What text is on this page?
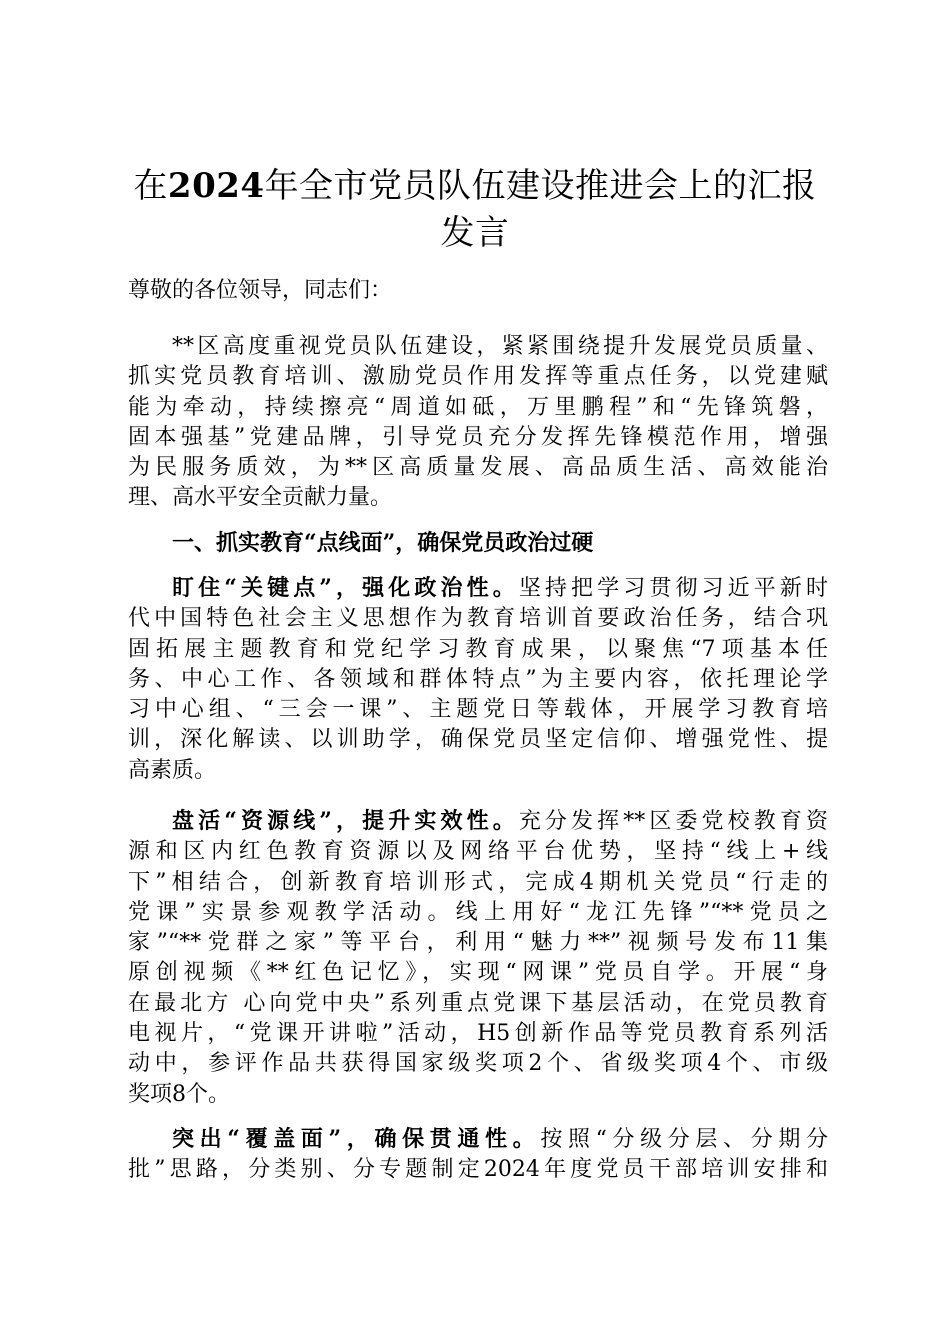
在2024年全市党员队伍建设推进会上的汇报
发言
尊敬的各位领导，同志们：
**区高度重视党员队伍建设，紧紧围绕提升发展党员质量、
抓实党员教育培训、激励党员作用发挥等重点任务，以党建赋
能为牵动，持续擦亮“周道如砥，万里鹏程”和“先锋筑磐，
固本强基”党建品牌，引导党员充分发挥先锋模范作用，增强
为民服务质效，为**区高质量发展、高品质生活、高效能治
理、高水平安全贡献力量。
一、抓实教育“点线面”，确保党员政治过硬
盯住“关键点”，强化政治性。坚持把学习贯彻习近平新时
代中国特色社会主义思想作为教育培训首要政治任务，结合巩
固拓展主题教育和党纪学习教育成果，以聚焦“7项基本任
务、中心工作、各领域和群体特点”为主要内容，依托理论学
习中心组、“三会一课”、主题党日等载体，开展学习教育培
训，深化解读、以训助学，确保党员坚定信仰、增强党性、提
高素质。
盘活“资源线”，提升实效性。充分发挥**区委党校教育资
源和区内红色教育资源以及网络平台优势，坚持“线上+线
下”相结合，创新教育培训形式，完成4期机关党员“行走的
党课”实景参观教学活动。线上用好“龙江先锋”“**党员之
家”“**党群之家”等平台，利用“魅力**”视频号发布11集
原创视频《**红色记忆》，实现“网课”党员自学。开展“身
在最北方 心向党中央”系列重点党课下基层活动，在党员教育
电视片，“党课开讲啦”活动，H5创新作品等党员教育系列活
动中，参评作品共获得国家级奖项2个、省级奖项4个、市级
奖项8个。
突出“覆盖面”，确保贯通性。按照“分级分层、分期分
批”思路，分类别、分专题制定2024年度党员干部培训安排和
